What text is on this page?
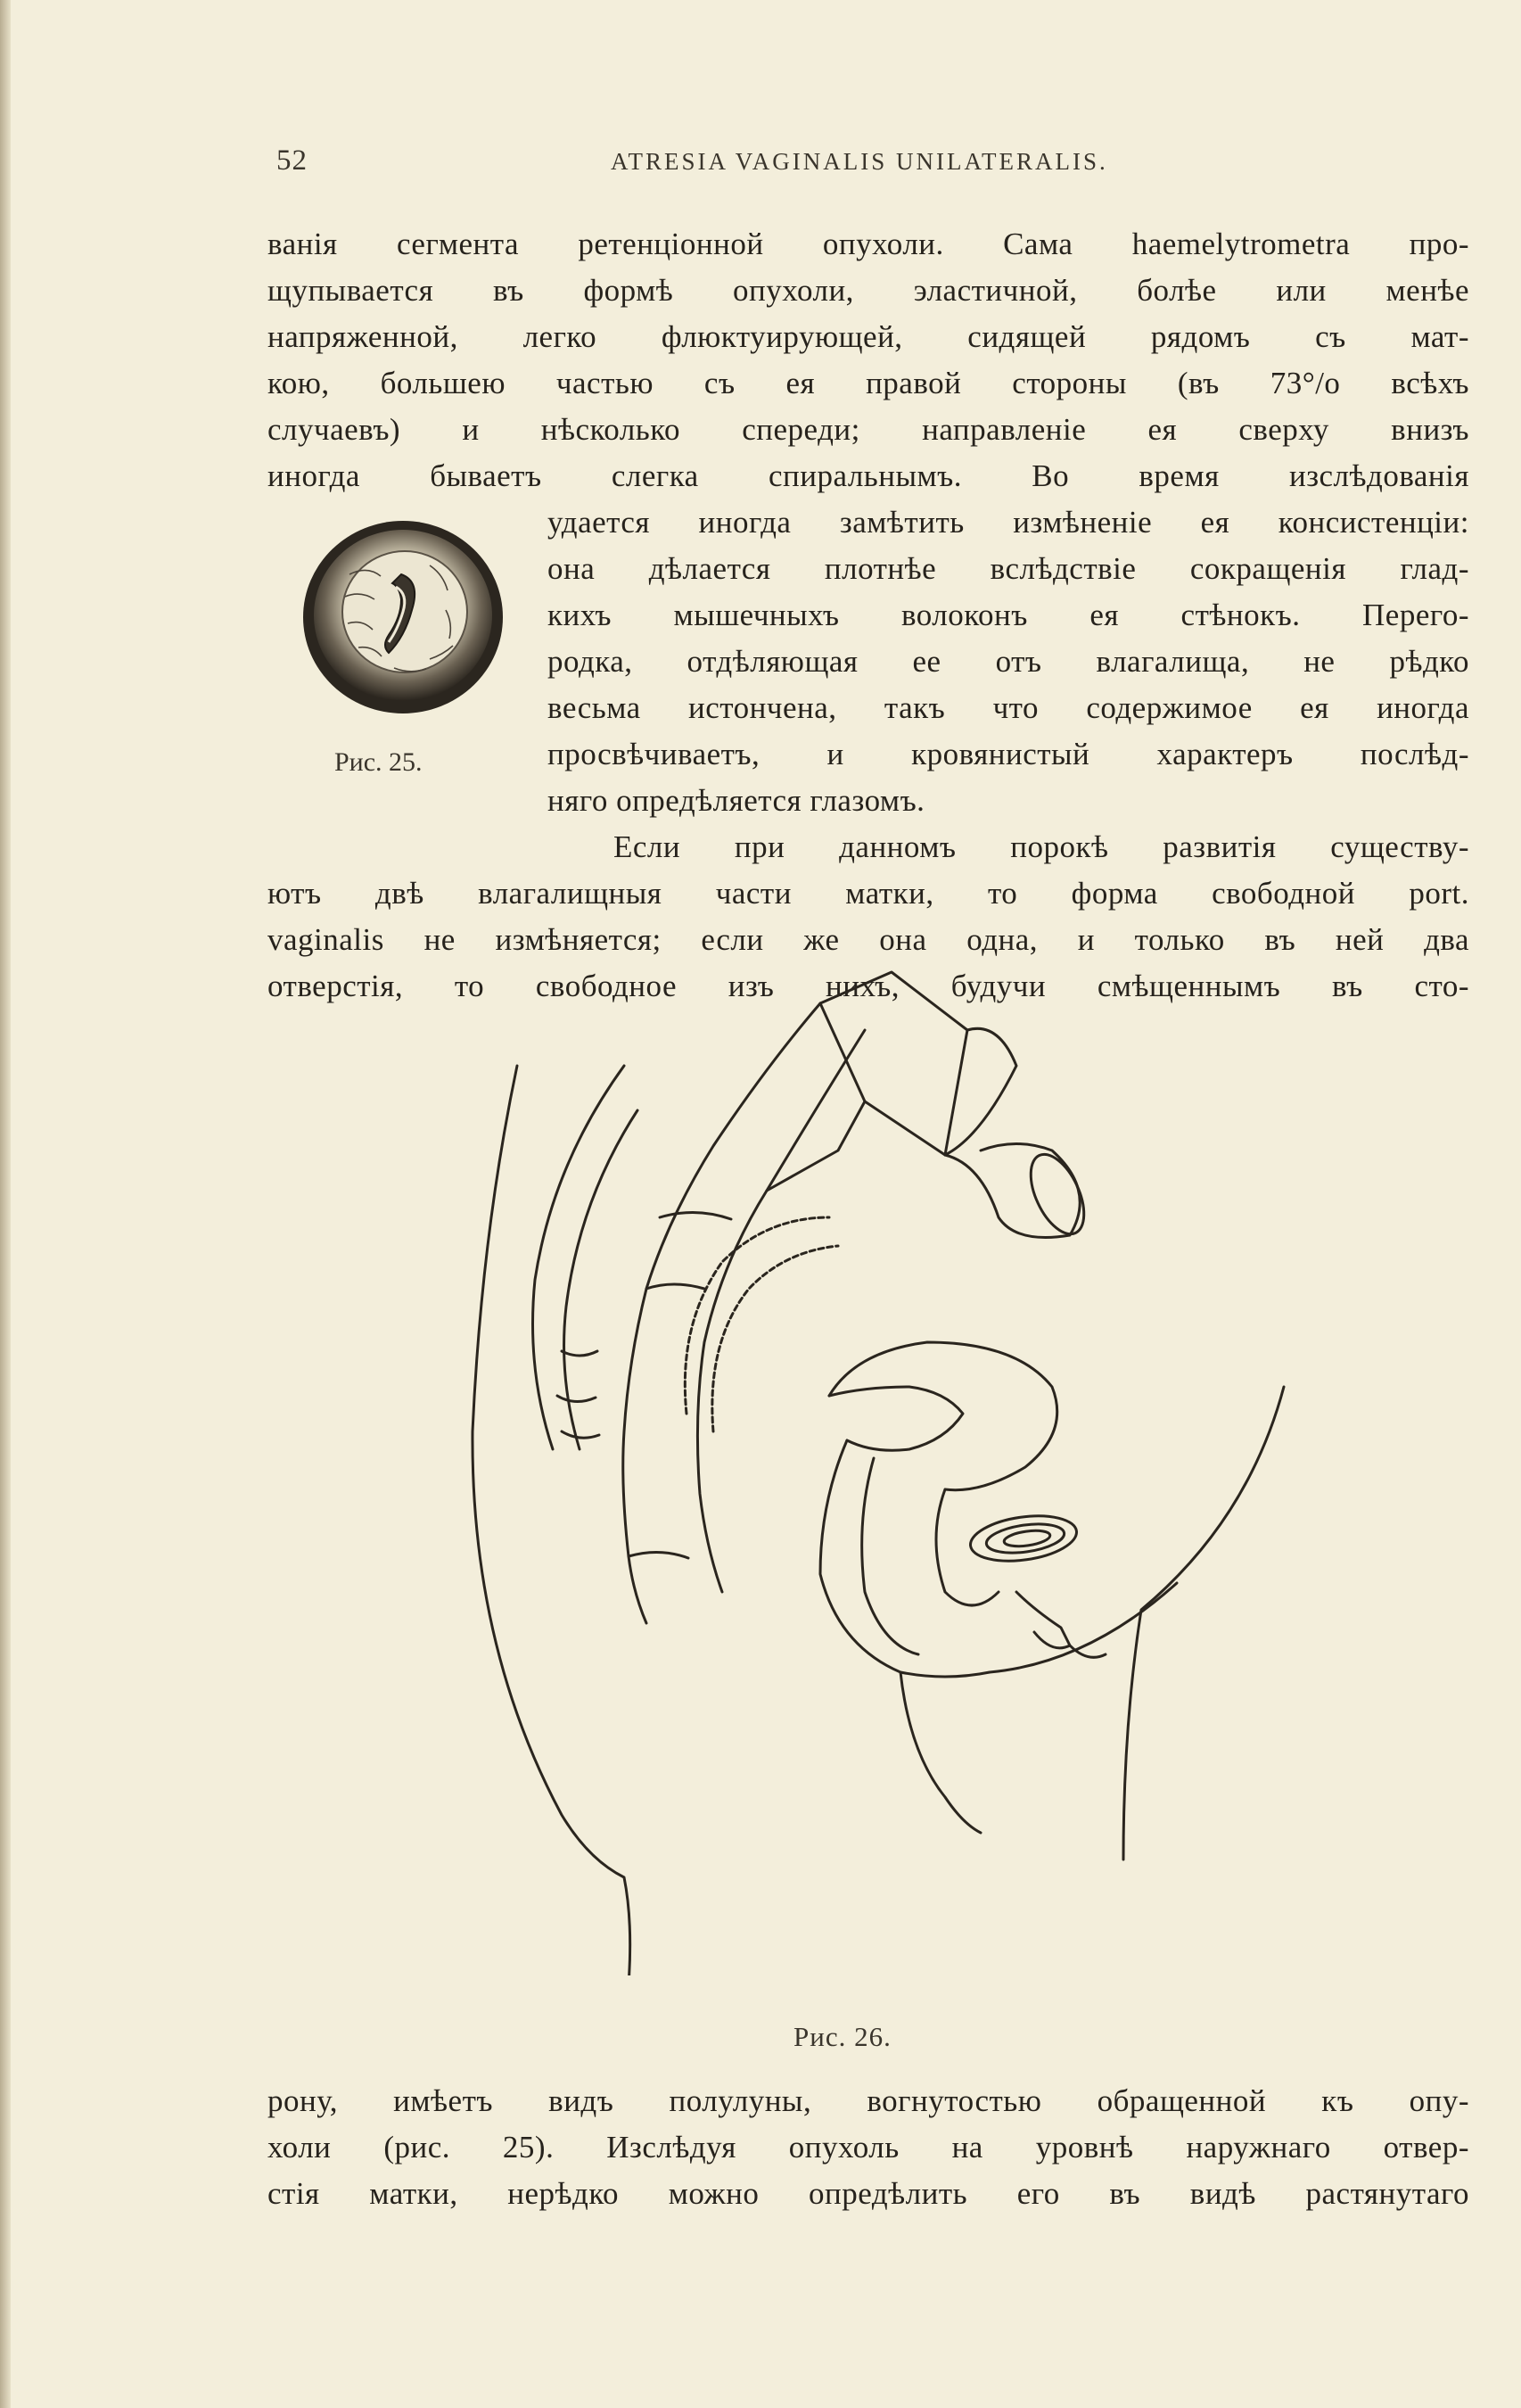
52	ATRESIA VAGINALIS UNILATERALIS.
ванія сегмента ретенціонной опухоли. Сама haemelytrometra про-
щупывается въ формѣ опухоли, эластичной, болѣе или менѣе
напряженной, легко флюктуирующей, сидящей рядомъ съ мат-
кою, большею частью съ ея правой стороны (въ 73°/о всѣхъ
случаевъ) и нѣсколько спереди; направленіе ея сверху внизъ
иногда бываетъ слегка спиральнымъ. Во время изслѣдованія
удается иногда замѣтить измѣненіе ея консистенціи:
она дѣлается плотнѣе вслѣдствіе сокращенія глад-
кихъ мышечныхъ волоконъ ея стѣнокъ. Перего-
родка, отдѣляющая ее отъ влагалища, не рѣдко
весьма истончена, такъ что содержимое ея иногда
просвѣчиваетъ, и кровянистый характеръ послѣд-
няго опредѣляется глазомъ.
Рис. 25.
Если при данномъ порокѣ развитія существу-
ютъ двѣ влагалищныя части матки, то форма свободной port.
vaginalis не измѣняется; если же она одна, и только въ ней два
отверстія, то свободное изъ нихъ, будучи смѣщеннымъ въ сто-
Рис. 26.
рону, имѣетъ видъ полулуны, вогнутостью обращенной къ опу-
холи (рис. 25). Изслѣдуя опухоль на уровнѣ наружнаго отвер-
стія матки, нерѣдко можно опредѣлить его въ видѣ растянутаго
